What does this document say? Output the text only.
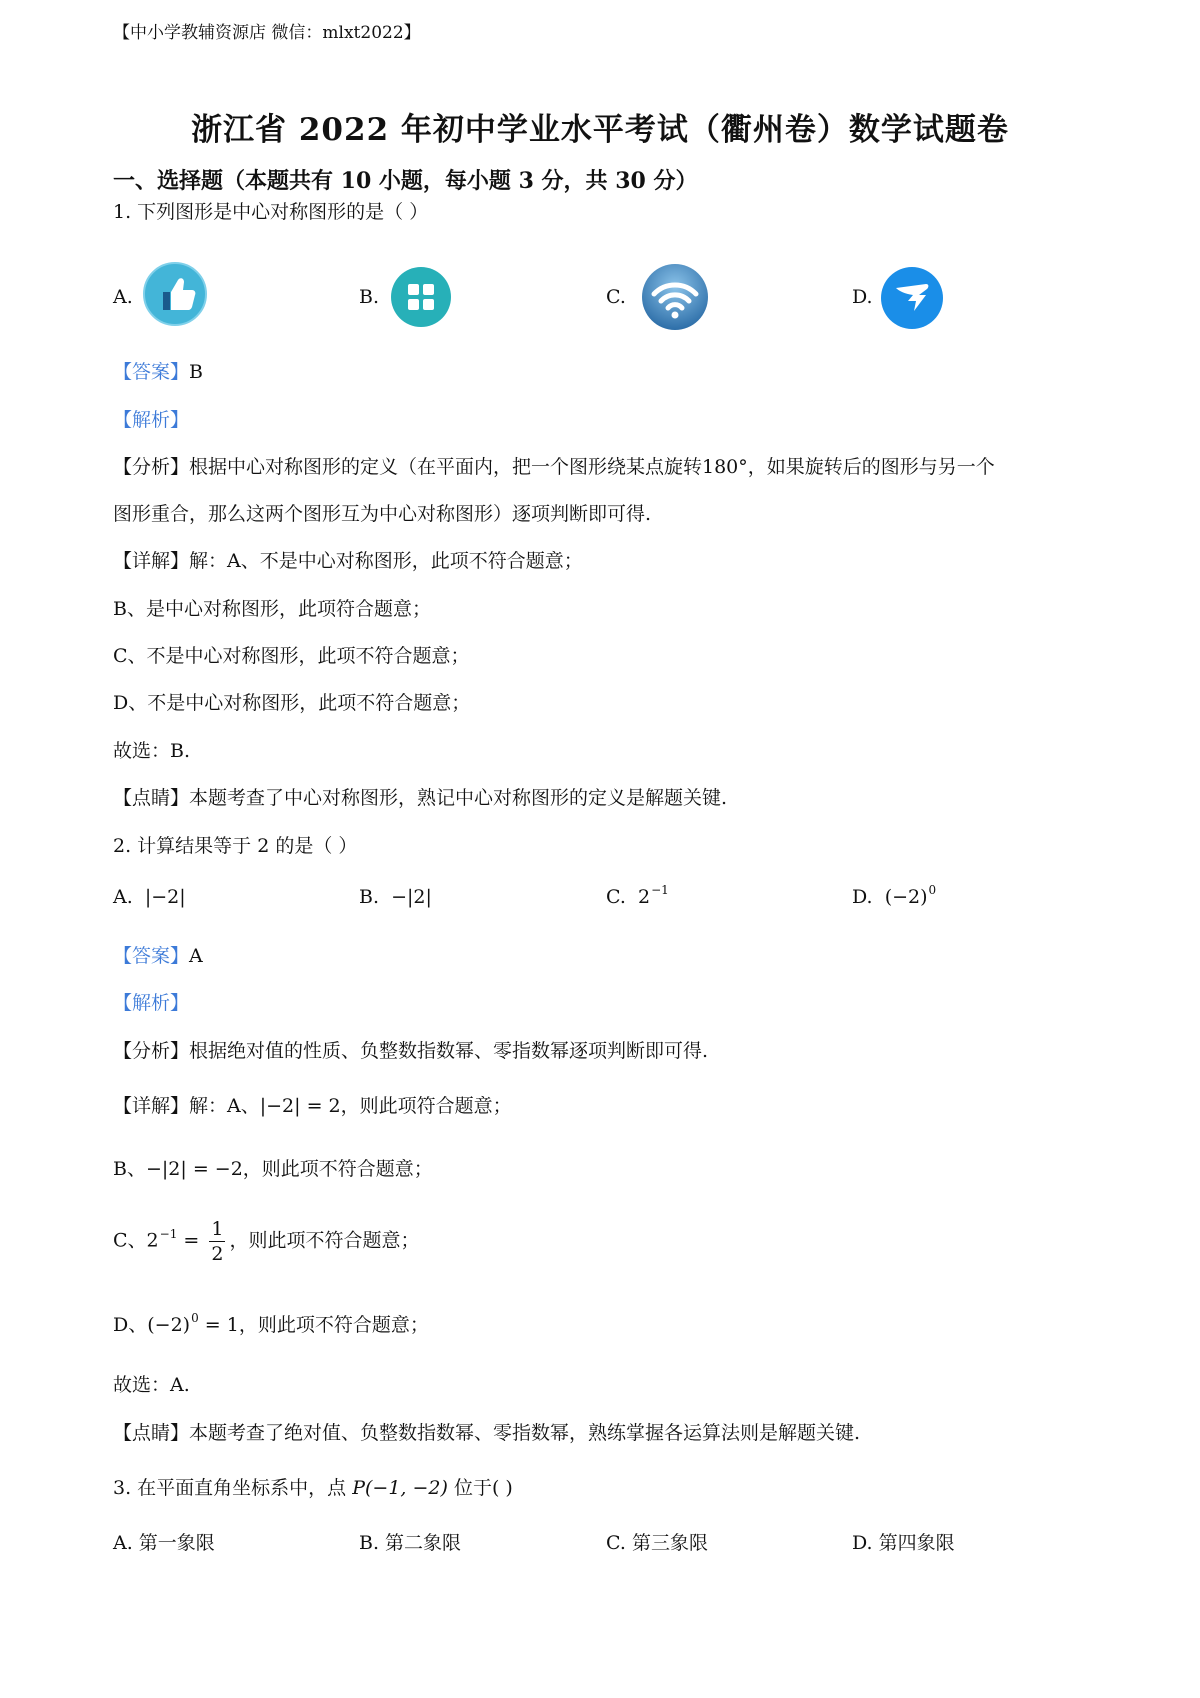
【中小学教辅资源店 微信：mlxt2022】
浙江省 2022 年初中学业水平考试（衢州卷）数学试题卷
一、选择题（本题共有 10 小题，每小题 3 分，共 30 分）
1. 下列图形是中心对称图形的是（ ）
A.	B.	C.	D.
【答案】B
【解析】
【分析】根据中心对称图形的定义（在平面内，把一个图形绕某点旋转180°，如果旋转后的图形与另一个
图形重合，那么这两个图形互为中心对称图形）逐项判断即可得.
【详解】解：A、不是中心对称图形，此项不符合题意；
B、是中心对称图形，此项符合题意；
C、不是中心对称图形，此项不符合题意；
D、不是中心对称图形，此项不符合题意；
故选：B.
【点睛】本题考查了中心对称图形，熟记中心对称图形的定义是解题关键.
2. 计算结果等于 2 的是（ ）
A. |−2|	B. −|2|	C. $2^{-1}$	D. $(-2)^0$
【答案】A
【解析】
【分析】根据绝对值的性质、负整数指数幂、零指数幂逐项判断即可得.
【详解】解：A、|−2| = 2，则此项符合题意；
B、−|2| = −2，则此项不符合题意；
C、$2^{-1} = \frac{1}{2}$ ，则此项不符合题意；
D、$(-2)^0 = 1$，则此项不符合题意；
故选：A.
【点睛】本题考查了绝对值、负整数指数幂、零指数幂，熟练掌握各运算法则是解题关键.
3. 在平面直角坐标系中，点 P(−1, −2) 位于( )
A. 第一象限	B. 第二象限	C. 第三象限	D. 第四象限
